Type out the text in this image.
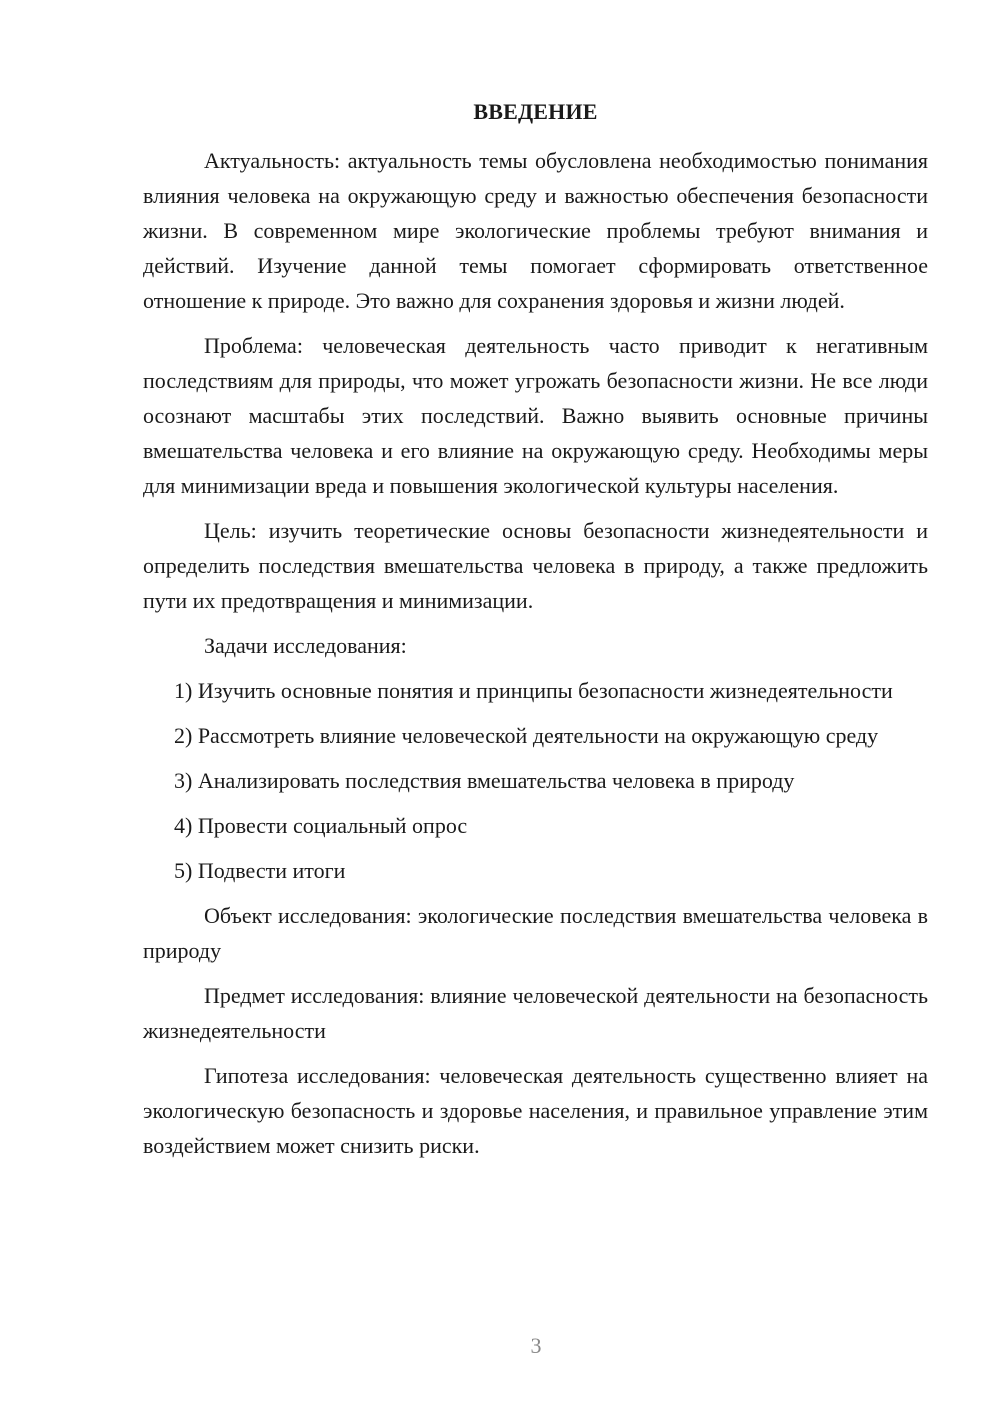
ВВЕДЕНИЕ

Актуальность: актуальность темы обусловлена необходимостью понимания влияния человека на окружающую среду и важностью обеспечения безопасности жизни. В современном мире экологические проблемы требуют внимания и действий. Изучение данной темы помогает сформировать ответственное отношение к природе. Это важно для сохранения здоровья и жизни людей.

Проблема: человеческая деятельность часто приводит к негативным последствиям для природы, что может угрожать безопасности жизни. Не все люди осознают масштабы этих последствий. Важно выявить основные причины вмешательства человека и его влияние на окружающую среду. Необходимы меры для минимизации вреда и повышения экологической культуры населения.

Цель: изучить теоретические основы безопасности жизнедеятельности и определить последствия вмешательства человека в природу, а также предложить пути их предотвращения и минимизации.

Задачи исследования:

1) Изучить основные понятия и принципы безопасности жизнедеятельности

2) Рассмотреть влияние человеческой деятельности на окружающую среду

3) Анализировать последствия вмешательства человека в природу

4) Провести социальный опрос

5) Подвести итоги

Объект исследования: экологические последствия вмешательства человека в природу

Предмет исследования: влияние человеческой деятельности на безопасность жизнедеятельности

Гипотеза исследования: человеческая деятельность существенно влияет на экологическую безопасность и здоровье населения, и правильное управление этим воздействием может снизить риски.

3
